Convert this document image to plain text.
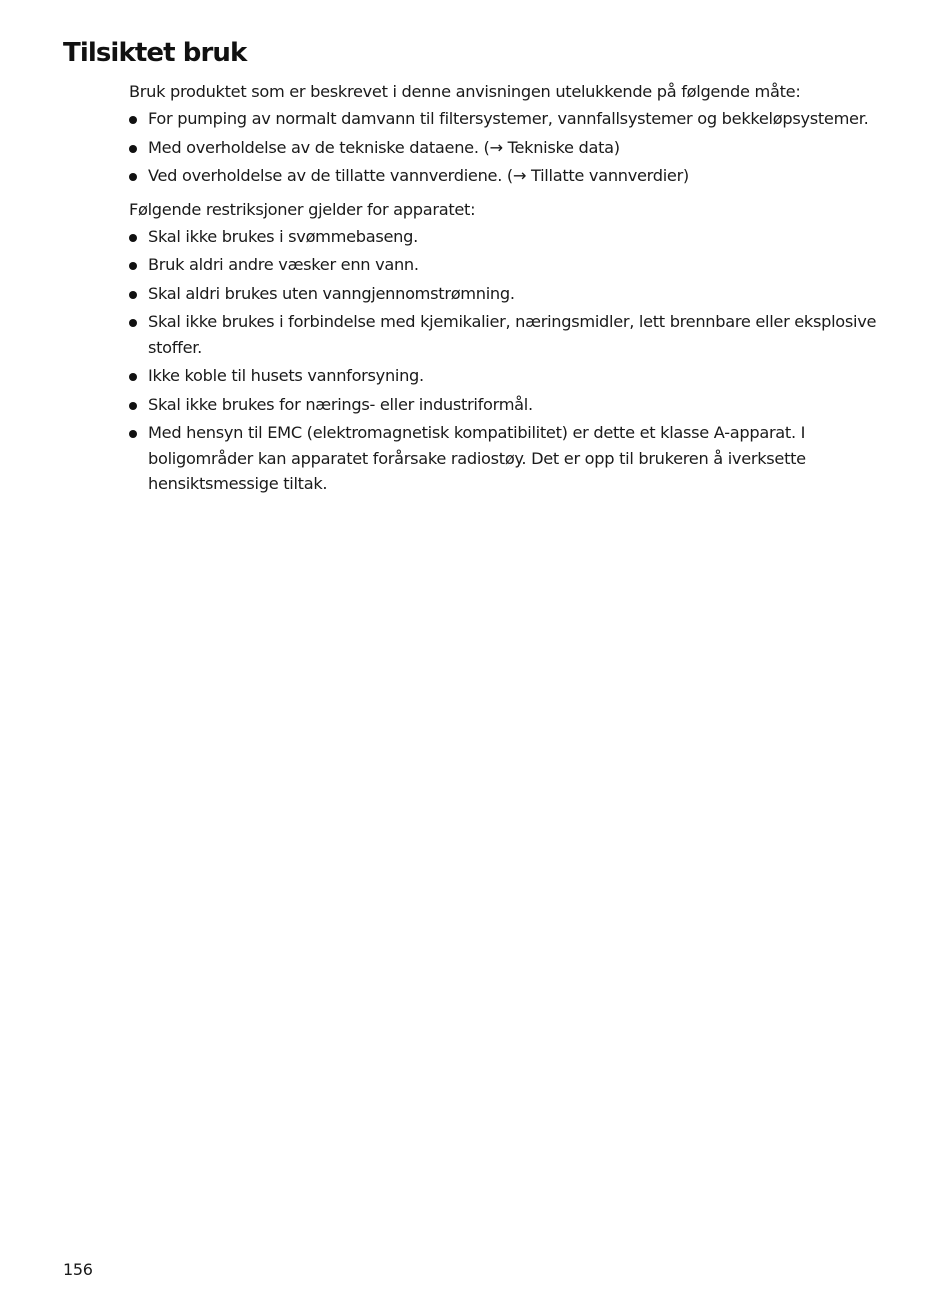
Tilsiktet bruk

Bruk produktet som er beskrevet i denne anvisningen utelukkende på følgende måte:

For pumping av normalt damvann til filtersystemer, vannfallsystemer og bekkeløpsystemer.
Med overholdelse av de tekniske dataene. (→ Tekniske data)
Ved overholdelse av de tillatte vannverdiene. (→ Tillatte vannverdier)

Følgende restriksjoner gjelder for apparatet:

Skal ikke brukes i svømmebaseng.
Bruk aldri andre væsker enn vann.
Skal aldri brukes uten vanngjennomstrømning.
Skal ikke brukes i forbindelse med kjemikalier, næringsmidler, lett brennbare eller eksplosive stoffer.
Ikke koble til husets vannforsyning.
Skal ikke brukes for nærings- eller industriformål.
Med hensyn til EMC (elektromagnetisk kompatibilitet) er dette et klasse A-apparat. I boligområder kan apparatet forårsake radiostøy. Det er opp til brukeren å iverksette hensiktsmessige tiltak.

156
